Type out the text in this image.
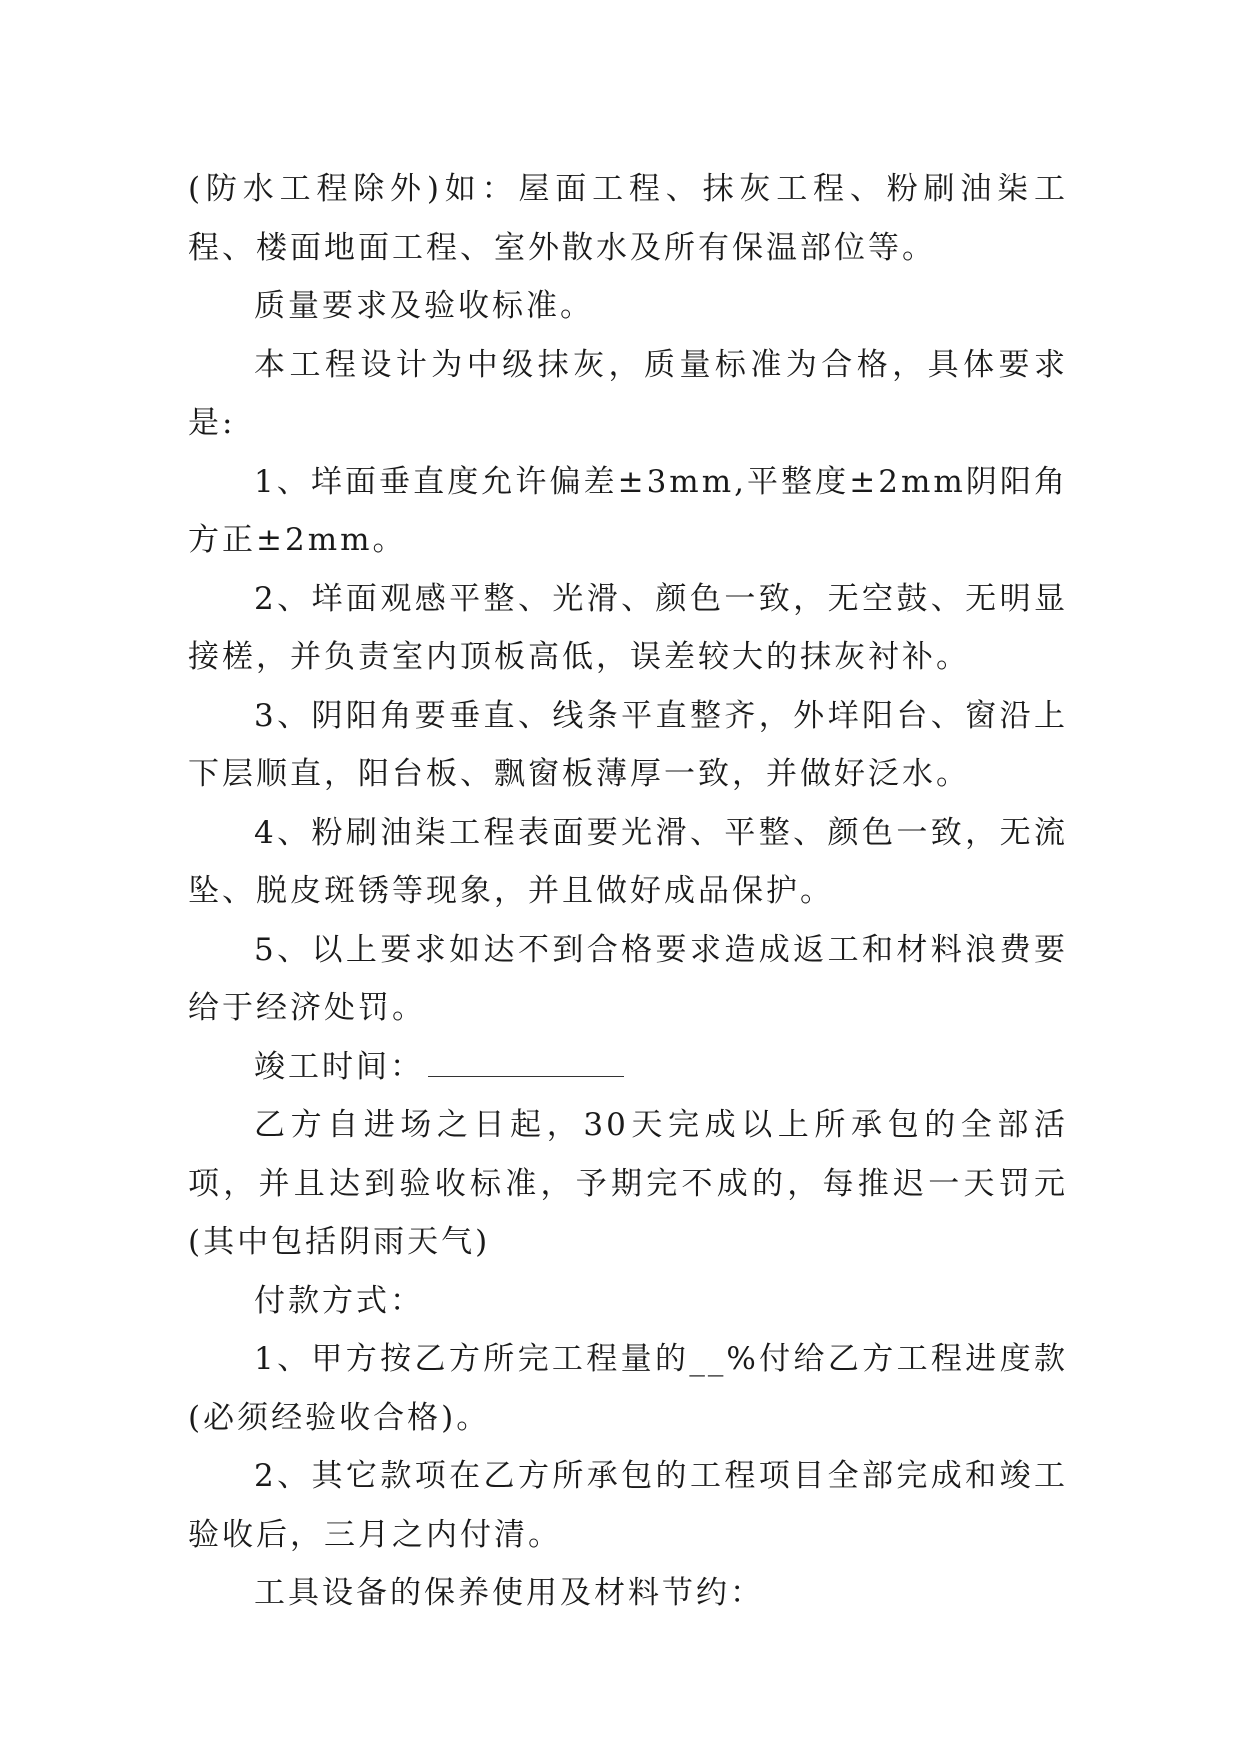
(防水工程除外)如：屋面工程、抹灰工程、粉刷油柒工程、楼面地面工程、室外散水及所有保温部位等。

质量要求及验收标准。

本工程设计为中级抹灰，质量标准为合格，具体要求是:

1、垟面垂直度允许偏差±3mm,平整度±2mm阴阳角方正±2mm。

2、垟面观感平整、光滑、颜色一致，无空鼓、无明显接槎，并负责室内顶板高低，误差较大的抹灰衬补。

3、阴阳角要垂直、线条平直整齐，外垟阳台、窗沿上下层顺直，阳台板、飘窗板薄厚一致，并做好泛水。

4、粉刷油柒工程表面要光滑、平整、颜色一致，无流坠、脱皮斑锈等现象，并且做好成品保护。

5、以上要求如达不到合格要求造成返工和材料浪费要给于经济处罚。

竣工时间：

乙方自进场之日起，30天完成以上所承包的全部活项，并且达到验收标准，予期完不成的，每推迟一天罚元(其中包括阴雨天气)

付款方式：

1、甲方按乙方所完工程量的__%付给乙方工程进度款(必须经验收合格)。

2、其它款项在乙方所承包的工程项目全部完成和竣工验收后，三月之内付清。

工具设备的保养使用及材料节约：
